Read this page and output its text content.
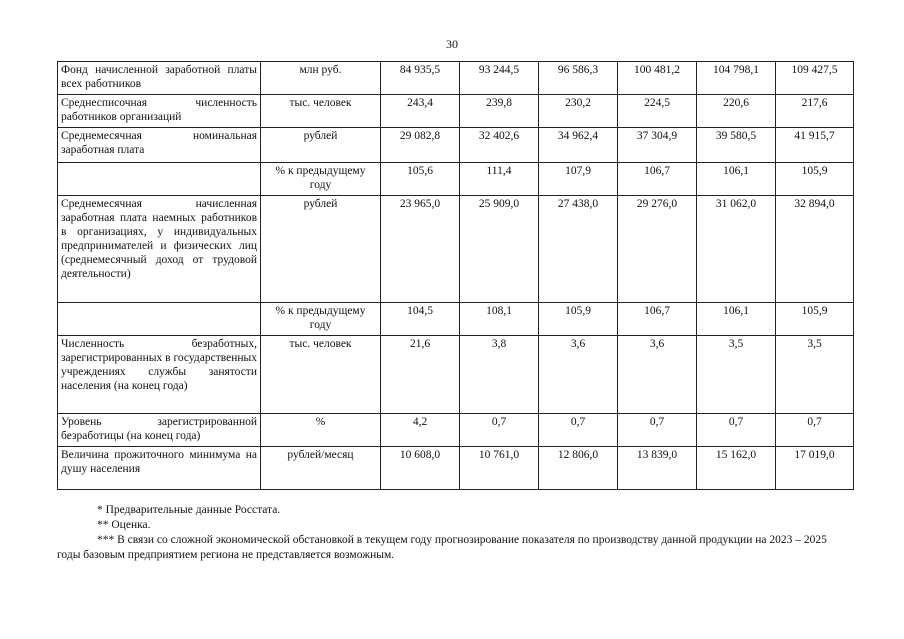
30
Фонд начисленной заработной платы всех работников	млн руб.	84 935,5	93 244,5	96 586,3	100 481,2	104 798,1	109 427,5
Среднесписочная численность работников организаций	тыс. человек	243,4	239,8	230,2	224,5	220,6	217,6
Среднемесячная номинальная заработная плата	рублей	29 082,8	32 402,6	34 962,4	37 304,9	39 580,5	41 915,7
	% к предыдущему году	105,6	111,4	107,9	106,7	106,1	105,9
Среднемесячная начисленная заработная плата наемных работников в организациях, у индивидуальных предпринимателей и физических лиц (среднемесячный доход от трудовой деятельности)	рублей	23 965,0	25 909,0	27 438,0	29 276,0	31 062,0	32 894,0
	% к предыдущему году	104,5	108,1	105,9	106,7	106,1	105,9
Численность безработных, зарегистрированных в государственных учреждениях службы занятости населения (на конец года)	тыс. человек	21,6	3,8	3,6	3,6	3,5	3,5
Уровень зарегистрированной безработицы (на конец года)	%	4,2	0,7	0,7	0,7	0,7	0,7
Величина прожиточного минимума на душу населения	рублей/месяц	10 608,0	10 761,0	12 806,0	13 839,0	15 162,0	17 019,0

* Предварительные данные Росстата.

** Оценка.

*** В связи со сложной экономической обстановкой в текущем году прогнозирование показателя по производству данной продукции на 2023 – 2025 годы базовым предприятием региона не представляется возможным.
